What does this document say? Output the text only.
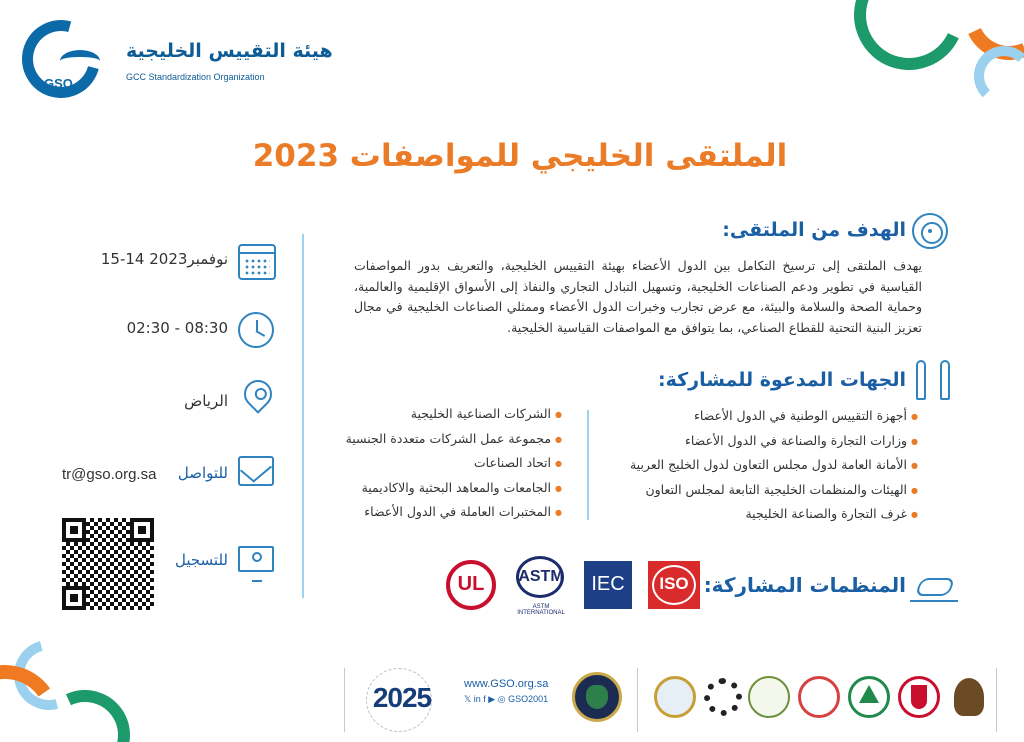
GSO
هيئة التقييس الخليجية
GCC Standardization Organization
الملتقى الخليجي للمواصفات 2023
15-14 نوفمبر2023
02:30 - 08:30
الرياض
للتواصل
tr@gso.org.sa
للتسجيل
الهدف من الملتقى:

يهدف الملتقى إلى ترسيخ التكامل بين الدول الأعضاء بهيئة التقييس الخليجية، والتعريف بدور المواصفات القياسية في تطوير ودعم الصناعات الخليجية، وتسهيل التبادل التجاري والنفاذ إلى الأسواق الإقليمية والعالمية، وحماية الصحة والسلامة والبيئة، مع عرض تجارب وخبرات الدول الأعضاء وممثلي الصناعات الخليجية في مجال تعزيز البنية التحتية للقطاع الصناعي، بما يتوافق مع المواصفات القياسية الخليجية.

الجهات المدعوة للمشاركة:
● أجهزة التقييس الوطنية في الدول الأعضاء
● وزارات التجارة والصناعة في الدول الأعضاء
● الأمانة العامة لدول مجلس التعاون لدول الخليج العربية
● الهيئات والمنظمات الخليجية التابعة لمجلس التعاون
● غرف التجارة والصناعة الخليجية
● الشركات الصناعية الخليجية
● مجموعة عمل الشركات متعددة الجنسية
● اتحاد الصناعات
● الجامعات والمعاهد البحثية والاكاديمية
● المختبرات العاملة في الدول الأعضاء
المنظمات المشاركة:
ISO
IEC
ASTM
ASTM INTERNATIONAL
UL
2025	www.GSO.org.sa
𝕏 in f ▶ ◎ GSO2001
